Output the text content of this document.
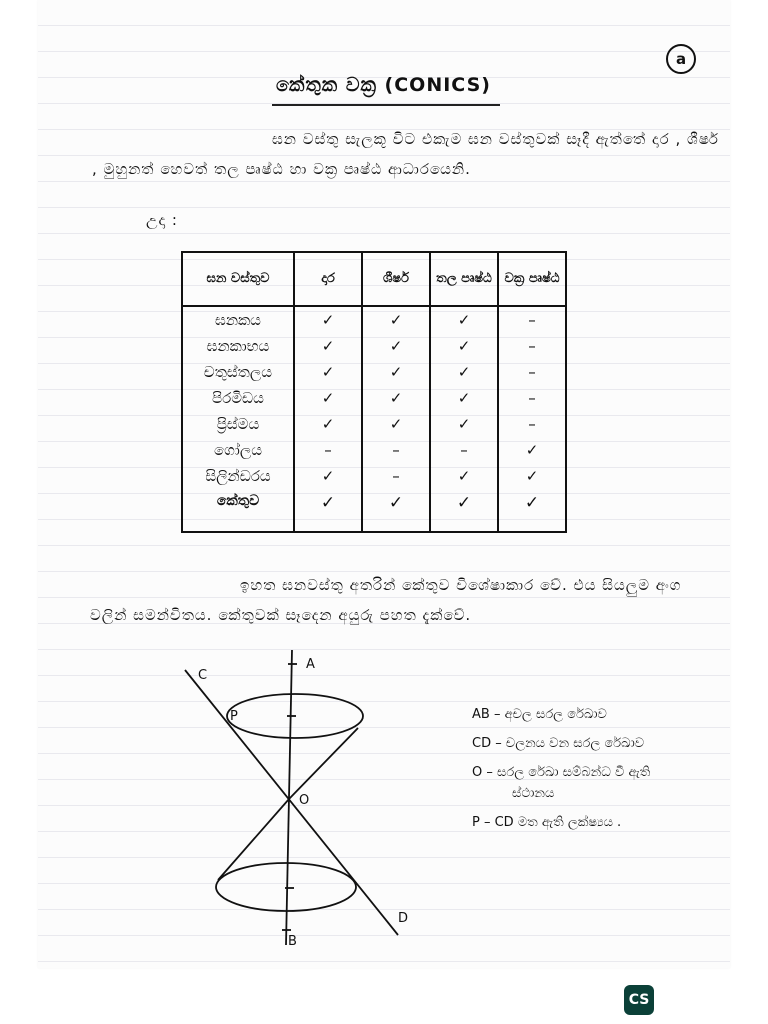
a
කේතුක වක්‍ර (CONICS)
ඝන වස්තු සැලකූ විට එකැම ඝන වස්තුවක් සෑදී ඇත්තේ දාර , ශීර්ෂ , මුහුනත් හෙවත් තල පෘෂ්ඨ හා වක්‍ර පෘෂ්ඨ ආධාරයෙනි.
උදා :
ඝන වස්තුව	දාර	ශීර්ෂ	තල පෘෂ්ඨ	වක්‍ර පෘෂ්ඨ
ඝනකය	✓	✓	✓	–
ඝනකාභය	✓	✓	✓	–
චතුස්තලය	✓	✓	✓	–
පිරමිඩය	✓	✓	✓	–
ප්‍රිස්මය	✓	✓	✓	–
ගෝලය	–	–	–	✓
සිලින්ඩරය	✓	–	✓	✓
කේතුව	✓	✓	✓	✓
ඉහත ඝනවස්තු අතරින් කේතුව විශේෂාකාර වේ. එය සියලුම අංග වලින් සමන්විතය. කේතුවක් සෑදෙන අයුරු පහත දැක්වේ.
A
B
C
D
O
P	AB – අචල සරල රේඛාව
CD – චලනය වන සරල රේඛාව
O – සරල රේඛා සම්බන්ධ වී ඇති
ස්ථානය
P – CD මත ඇති ලක්ෂ්‍යය .
CS
